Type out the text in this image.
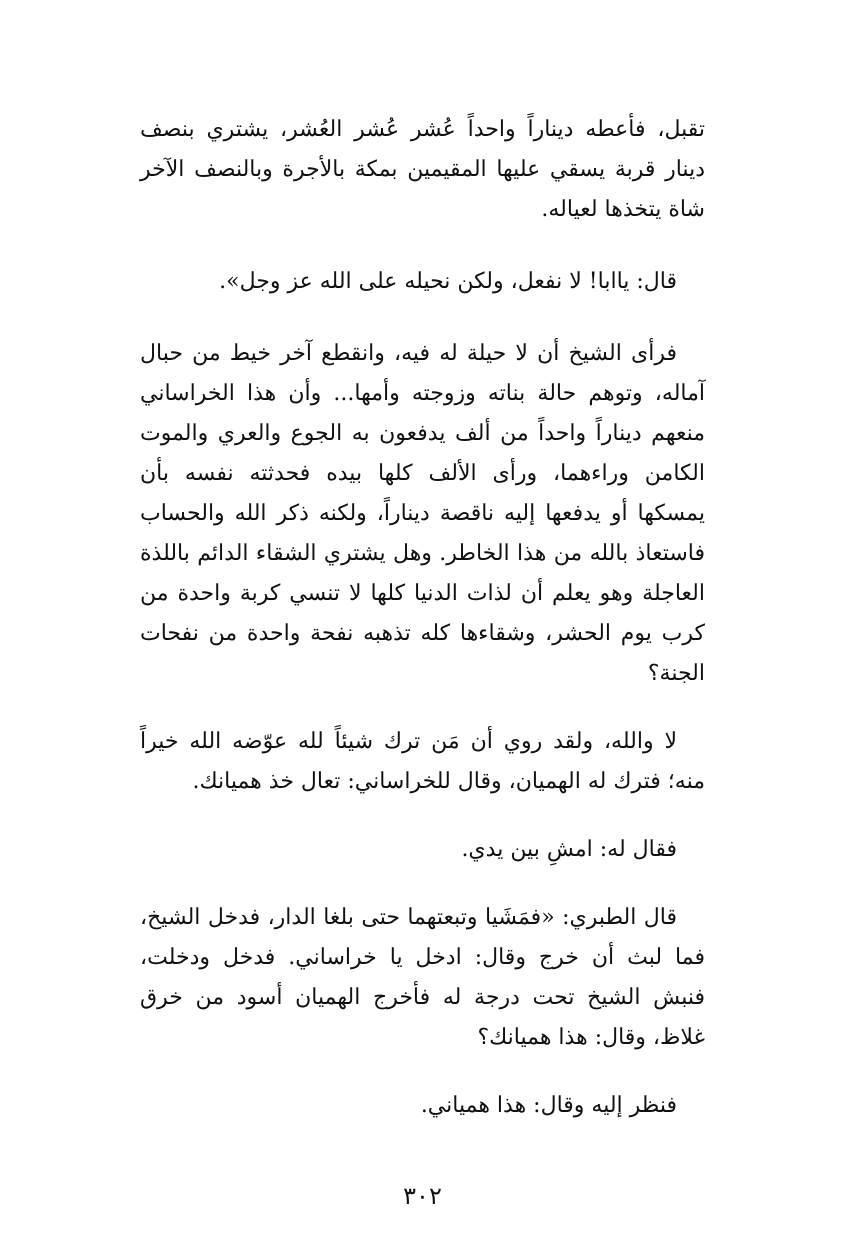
تقبل، فأعطه ديناراً واحداً عُشر عُشر العُشر، يشتري بنصف دينار قربة يسقي عليها المقيمين بمكة بالأجرة وبالنصف الآخر شاة يتخذها لعياله.

قال: ياابا! لا نفعل، ولكن نحيله على الله عز وجل».

فرأى الشيخ أن لا حيلة له فيه، وانقطع آخر خيط من حبال آماله، وتوهم حالة بناته وزوجته وأمها... وأن هذا الخراساني منعهم ديناراً واحداً من ألف يدفعون به الجوع والعري والموت الكامن وراءهما، ورأى الألف كلها بيده فحدثته نفسه بأن يمسكها أو يدفعها إليه ناقصة ديناراً، ولكنه ذكر الله والحساب فاستعاذ بالله من هذا الخاطر. وهل يشتري الشقاء الدائم باللذة العاجلة وهو يعلم أن لذات الدنيا كلها لا تنسي كربة واحدة من كرب يوم الحشر، وشقاءها كله تذهبه نفحة واحدة من نفحات الجنة؟

لا والله، ولقد روي أن مَن ترك شيئاً لله عوّضه الله خيراً منه؛ فترك له الهميان، وقال للخراساني: تعال خذ هميانك.

فقال له: امشِ بين يدي.

قال الطبري: «فمَشَيا وتبعتهما حتى بلغا الدار، فدخل الشيخ، فما لبث أن خرج وقال: ادخل يا خراساني. فدخل ودخلت، فنبش الشيخ تحت درجة له فأخرج الهميان أسود من خرق غلاظ، وقال: هذا هميانك؟

فنظر إليه وقال: هذا همياني.

٣٠٢
